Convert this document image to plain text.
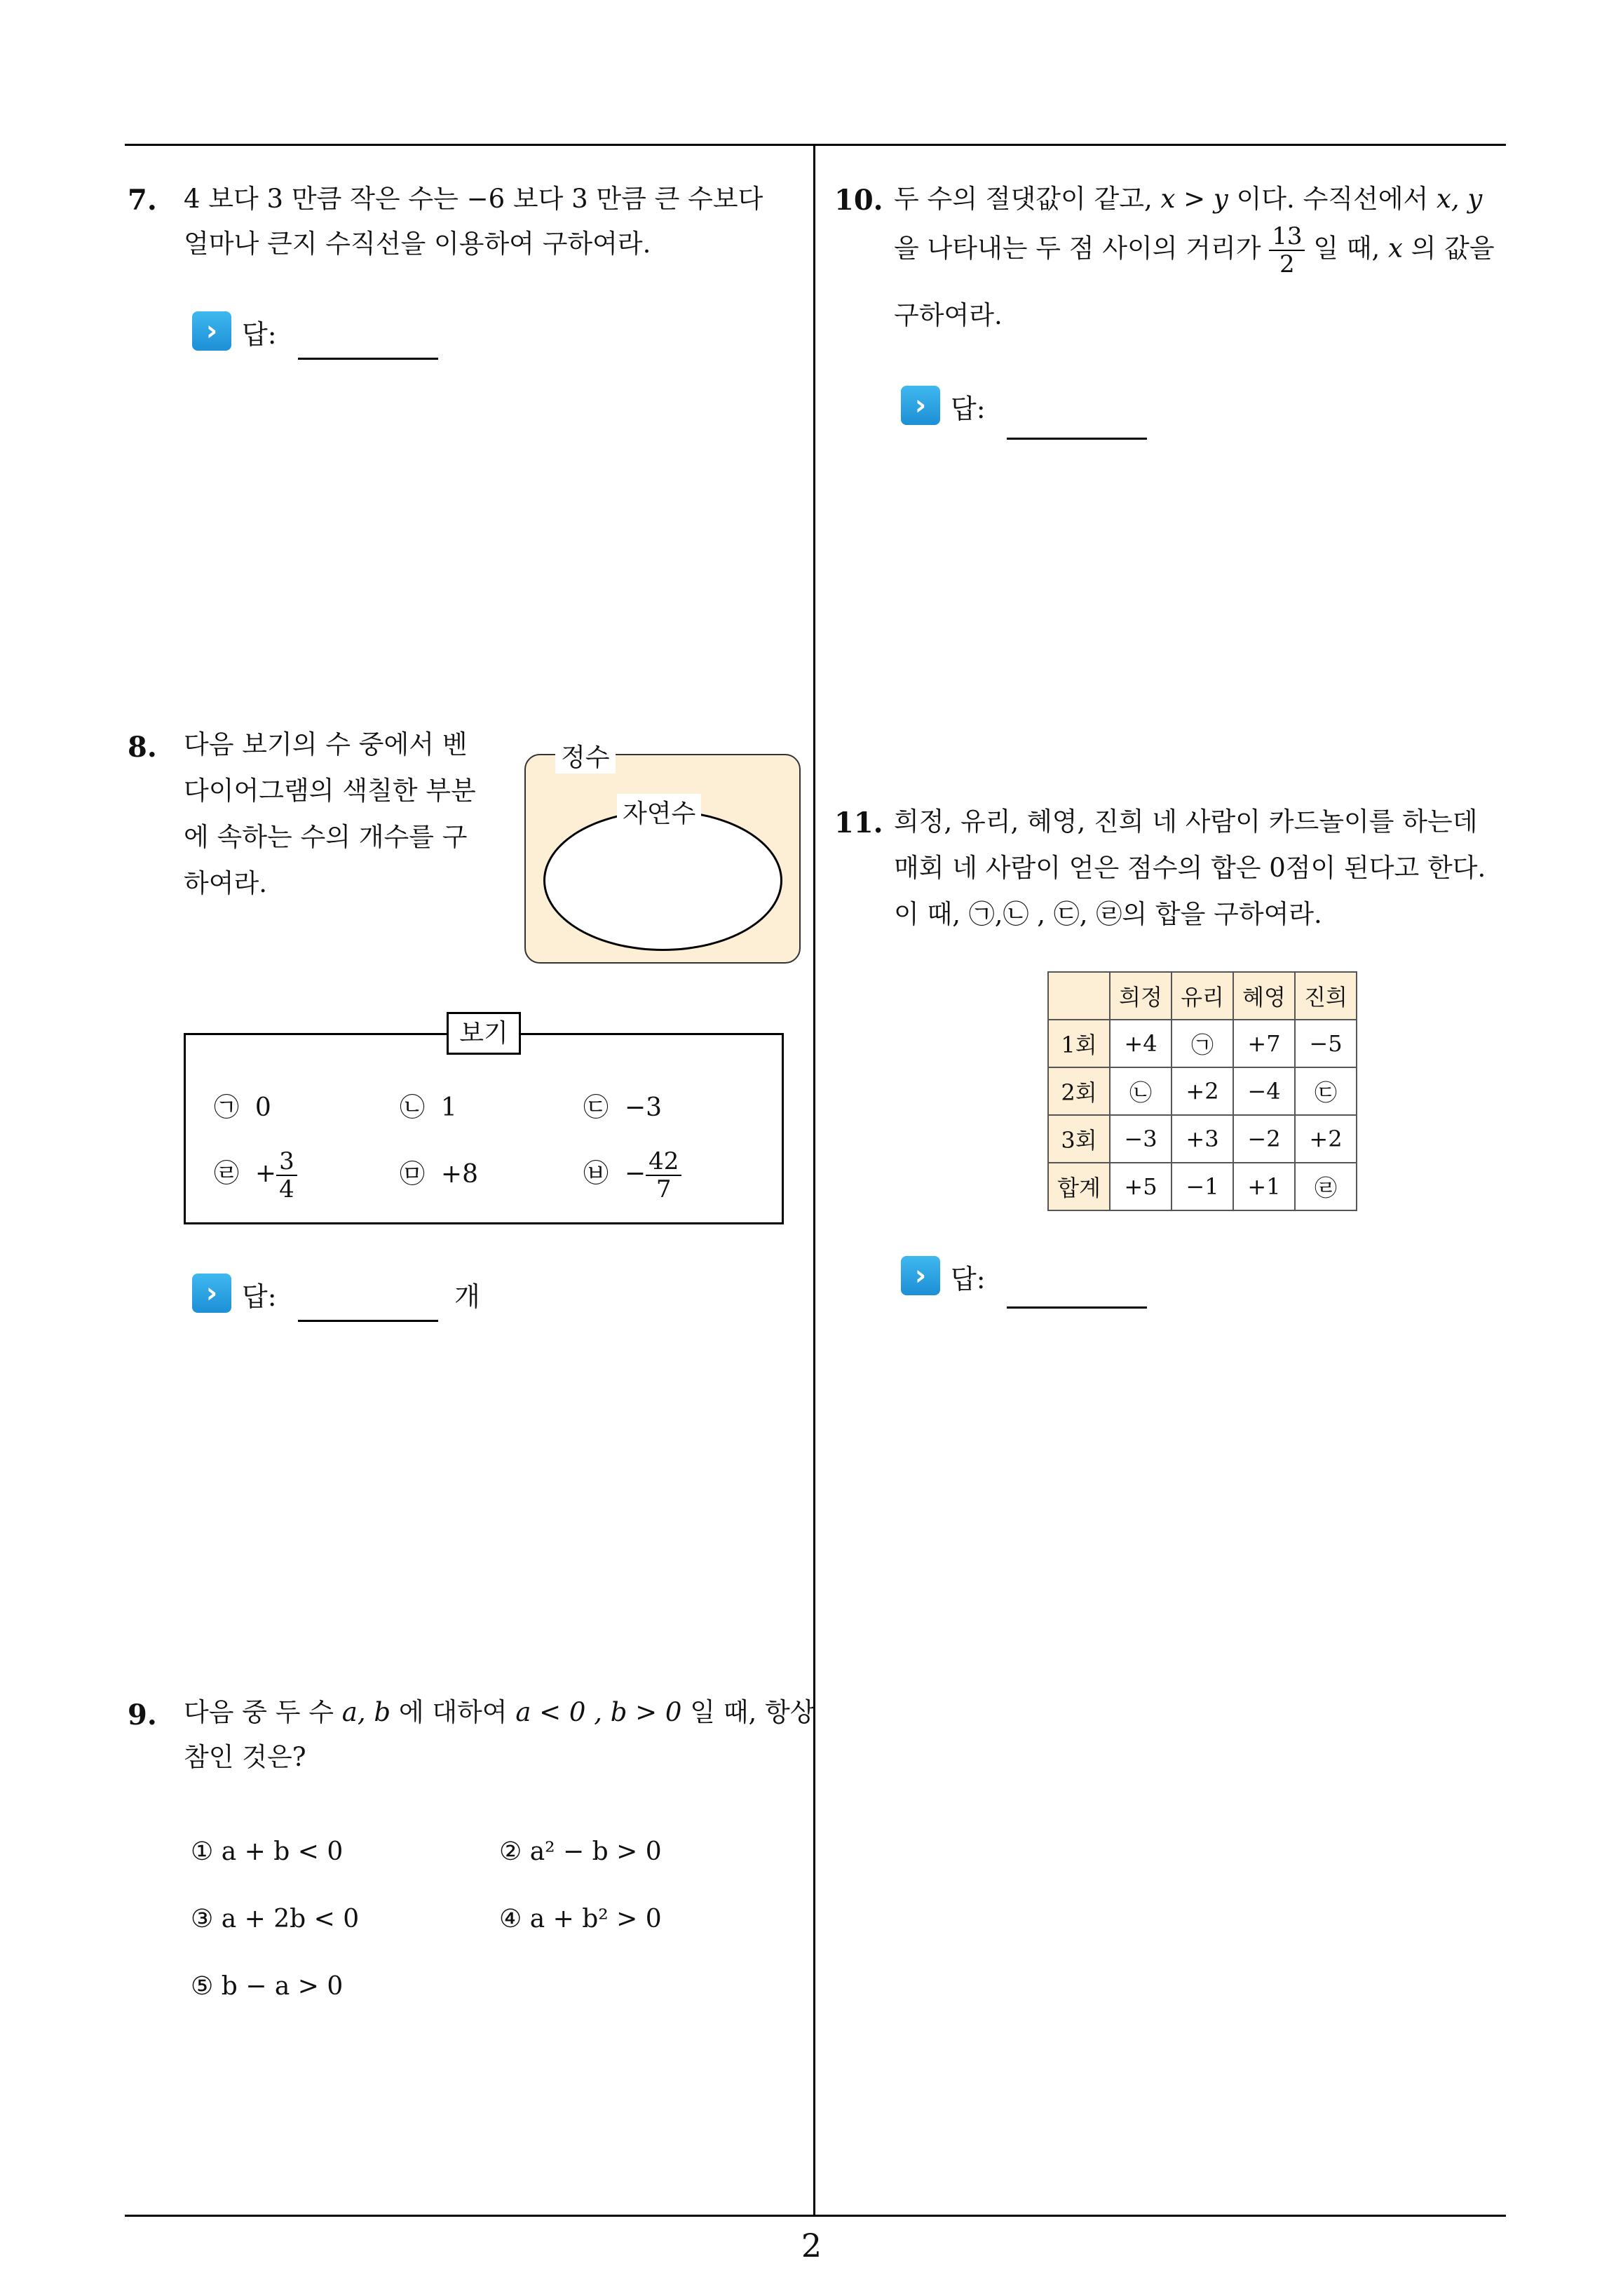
2
7. 4 보다 3 만큼 작은 수는 −6 보다 3 만큼 큰 수보다
얼마나 큰지 수직선을 이용하여 구하여라.
› 답:
8. 다음 보기의 수 중에서 벤
다이어그램의 색칠한 부분
에 속하는 수의 개수를 구
하여라.
정수
자연수
보기
㉠ 0	㉡ 1	㉢ −3
㉣ + $\frac{3}{4}$	㉤ +8	㉥ − $\frac{42}{7}$
› 답:	개
9. 다음 중 두 수 a, b 에 대하여 a < 0 , b > 0 일 때, 항상
참인 것은?
① a + b < 0	② a² − b > 0
③ a + 2b < 0	④ a + b² > 0
⑤ b − a > 0
10. 두 수의 절댓값이 같고, x > y 이다. 수직선에서 x, y
을 나타내는 두 점 사이의 거리가 $\frac{13}{2}$ 일 때, x 의 값을
구하여라.
› 답:
11. 희정, 유리, 혜영, 진희 네 사람이 카드놀이를 하는데
매회 네 사람이 얻은 점수의 합은 0점이 된다고 한다.
이 때, ㉠,㉡ , ㉢, ㉣의 합을 구하여라.
	희정	유리	혜영	진희
1회	+4	㉠	+7	−5
2회	㉡	+2	−4	㉢
3회	−3	+3	−2	+2
합계	+5	−1	+1	㉣
› 답:
